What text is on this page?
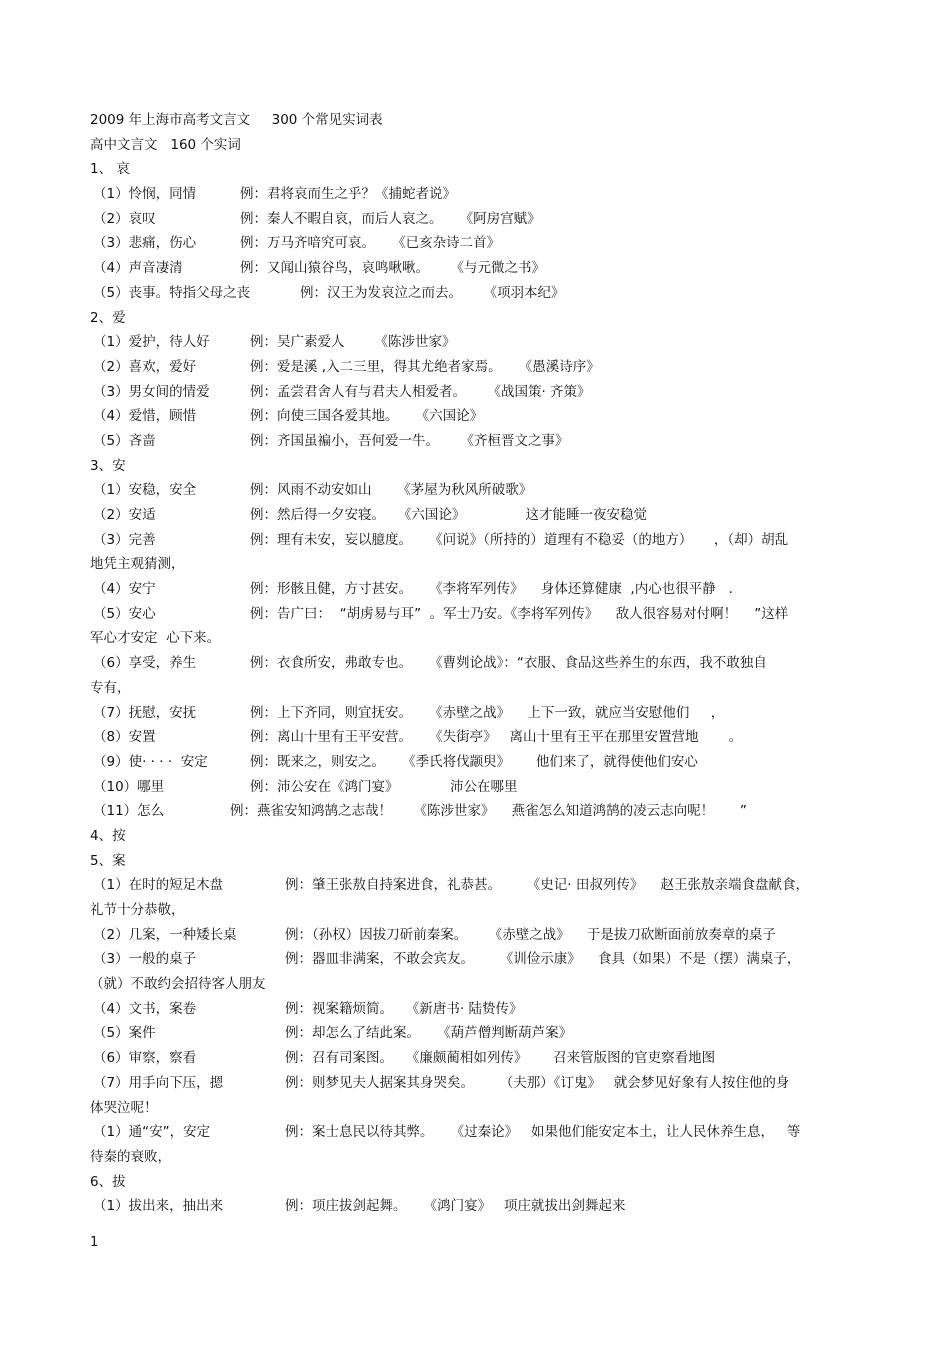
2009 年上海市高考文言文     300 个常见实词表
高中文言文   160 个实词
1、 哀
（1）怜悯，同情	例：君将哀而生之乎？《捕蛇者说》
（2）哀叹	例：秦人不暇自哀，而后人哀之。    《阿房宫赋》
（3）悲痛，伤心	例：万马齐喑究可哀。    《已亥杂诗二首》
（4）声音凄清	例：又闻山猿谷鸟，哀鸣啾啾。     《与元微之书》
（5）丧事。特指父母之丧	例：汉王为发哀泣之而去。     《项羽本纪》
2、爱
（1）爱护，待人好	例：吴广素爱人       《陈涉世家》
（2）喜欢，爱好	例：爱是溪 ,入二三里，得其尤绝者家焉。    《愚溪诗序》
（3）男女间的情爱	例：孟尝君舍人有与君夫人相爱者。     《战国策· 齐策》
（4）爱惜，顾惜	例：向使三国各爱其地。    《六国论》
（5）吝啬	例：齐国虽褊小，吾何爱一牛。     《齐桓晋文之事》
3、安
（1）安稳，安全	例：风雨不动安如山      《茅屋为秋风所破歌》
（2）安适	例：然后得一夕安寝。   《六国论》              这才能睡一夜安稳觉
（3）完善	例：理有未安，妄以臆度。    《问说》（所持的）道理有不稳妥（的地方）     ，（却）胡乱
地凭主观猜测，
（4）安宁	例：形骸且健，方寸甚安。    《李将军列传》    身体还算健康  ,内心也很平静   .
（5）安心	例：告广曰：  “胡虏易与耳”  。军士乃安。《李将军列传》    敌人很容易对付啊！    ”这样
军心才安定  心下来。
（6）享受，养生	例：衣食所安，弗敢专也。    《曹刿论战》：“衣服、食品这些养生的东西，我不敢独自
专有，
（7）抚慰，安抚	例：上下齐同，则宜抚安。    《赤壁之战》    上下一致，就应当安慰他们     ，
（8）安置	例：离山十里有王平安营。    《失街亭》   离山十里有王平在那里安置营地       。
（9）使· · · ·  安定	例：既来之，则安之。    《季氏将伐颛臾》      他们来了，就得使他们安心
（10）哪里	例：沛公安在《鸿门宴》            沛公在哪里
（11）怎么	例：燕雀安知鸿鹄之志哉！     《陈涉世家》    燕雀怎么知道鸿鹄的凌云志向呢！      ”
4、按
5、案
（1）在时的短足木盘	例：肇王张敖自持案进食，礼恭甚。      《史记· 田叔列传》    赵王张敖亲端食盘献食，
礼节十分恭敬，
（2）几案，一种矮长桌	例：（孙权）因拔刀斫前秦案。     《赤壁之战》    于是拔刀砍断面前放奏章的桌子
（3）一般的桌子	例：器皿非满案，不敢会宾友。      《训俭示康》    食具（如果）不是（摆）满桌子，
（就）不敢约会招待客人朋友
（4）文书，案卷	例：视案籍烦简。   《新唐书· 陆贽传》
（5）案件	例：却怎么了结此案。    《葫芦僧判断葫芦案》
（6）审察，察看	例：召有司案图。   《廉颇蔺相如列传》      召来管版图的官吏察看地图
（7）用手向下压，摁	例：则梦见夫人据案其身哭矣。      （夫那）《订鬼》   就会梦见好象有人按住他的身
体哭泣呢！
（1）通“安”，安定	例：案士息民以待其弊。    《过秦论》   如果他们能安定本土，让人民休养生息，   等
待秦的衰败，
6、拔
（1）拔出来，抽出来	例：项庄拔剑起舞。    《鸿门宴》   项庄就拔出剑舞起来
1
